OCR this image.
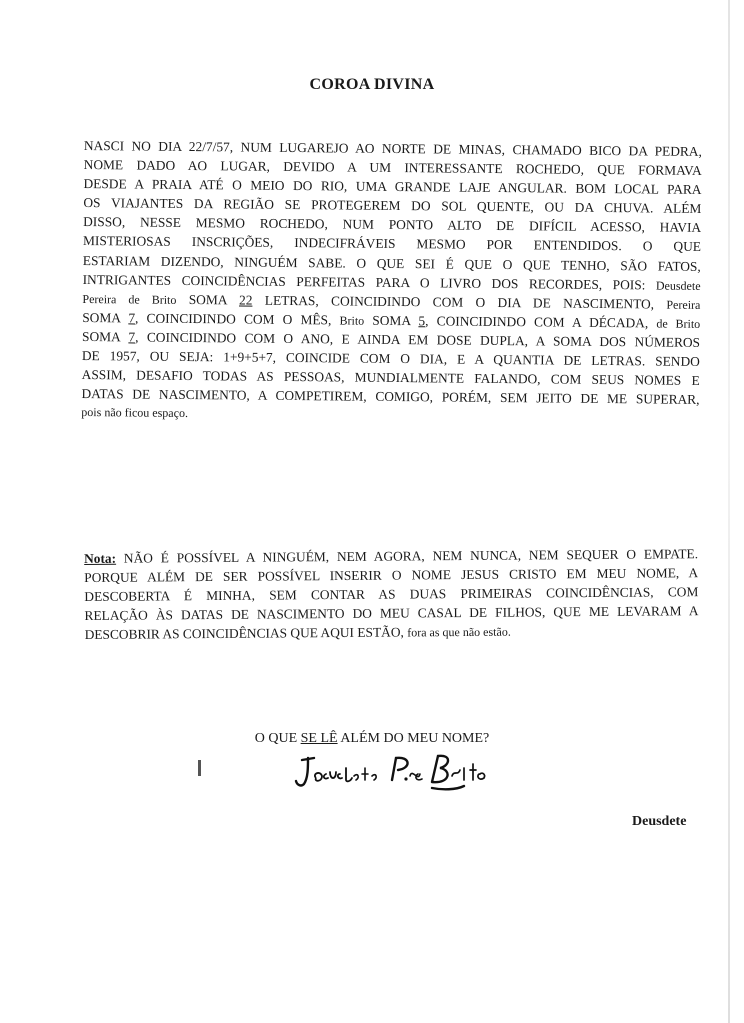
COROA DIVINA
NASCI NO DIA 22/7/57, NUM LUGAREJO AO NORTE DE MINAS, CHAMADO BICO DA PEDRA,
NOME DADO AO LUGAR, DEVIDO A UM INTERESSANTE ROCHEDO, QUE FORMAVA
DESDE A PRAIA ATÉ O MEIO DO RIO, UMA GRANDE LAJE ANGULAR. BOM LOCAL PARA
OS VIAJANTES DA REGIÃO SE PROTEGEREM DO SOL QUENTE, OU DA CHUVA. ALÉM
DISSO, NESSE MESMO ROCHEDO, NUM PONTO ALTO DE DIFÍCIL ACESSO, HAVIA
MISTERIOSAS INSCRIÇÕES, INDECIFRÁVEIS MESMO POR ENTENDIDOS. O QUE
ESTARIAM DIZENDO, NINGUÉM SABE. O QUE SEI É QUE O QUE TENHO, SÃO FATOS,
INTRIGANTES COINCIDÊNCIAS PERFEITAS PARA O LIVRO DOS RECORDES, POIS: Deusdete
Pereira de Brito SOMA 22 LETRAS, COINCIDINDO COM O DIA DE NASCIMENTO, Pereira
SOMA 7, COINCIDINDO COM O MÊS, Brito SOMA 5, COINCIDINDO COM A DÉCADA, de Brito
SOMA 7, COINCIDINDO COM O ANO, E AINDA EM DOSE DUPLA, A SOMA DOS NÚMEROS
DE 1957, OU SEJA: 1+9+5+7, COINCIDE COM O DIA, E A QUANTIA DE LETRAS. SENDO
ASSIM, DESAFIO TODAS AS PESSOAS, MUNDIALMENTE FALANDO, COM SEUS NOMES E
DATAS DE NASCIMENTO, A COMPETIREM, COMIGO, PORÉM, SEM JEITO DE ME SUPERAR,
pois não ficou espaço.
Nota: NÃO É POSSÍVEL A NINGUÉM, NEM AGORA, NEM NUNCA, NEM SEQUER O EMPATE.
PORQUE ALÉM DE SER POSSÍVEL INSERIR O NOME JESUS CRISTO EM MEU NOME, A
DESCOBERTA É MINHA, SEM CONTAR AS DUAS PRIMEIRAS COINCIDÊNCIAS, COM
RELAÇÃO ÀS DATAS DE NASCIMENTO DO MEU CASAL DE FILHOS, QUE ME LEVARAM A
DESCOBRIR AS COINCIDÊNCIAS QUE AQUI ESTÃO, fora as que não estão.
O QUE SE LÊ ALÉM DO MEU NOME?
Deusdete
